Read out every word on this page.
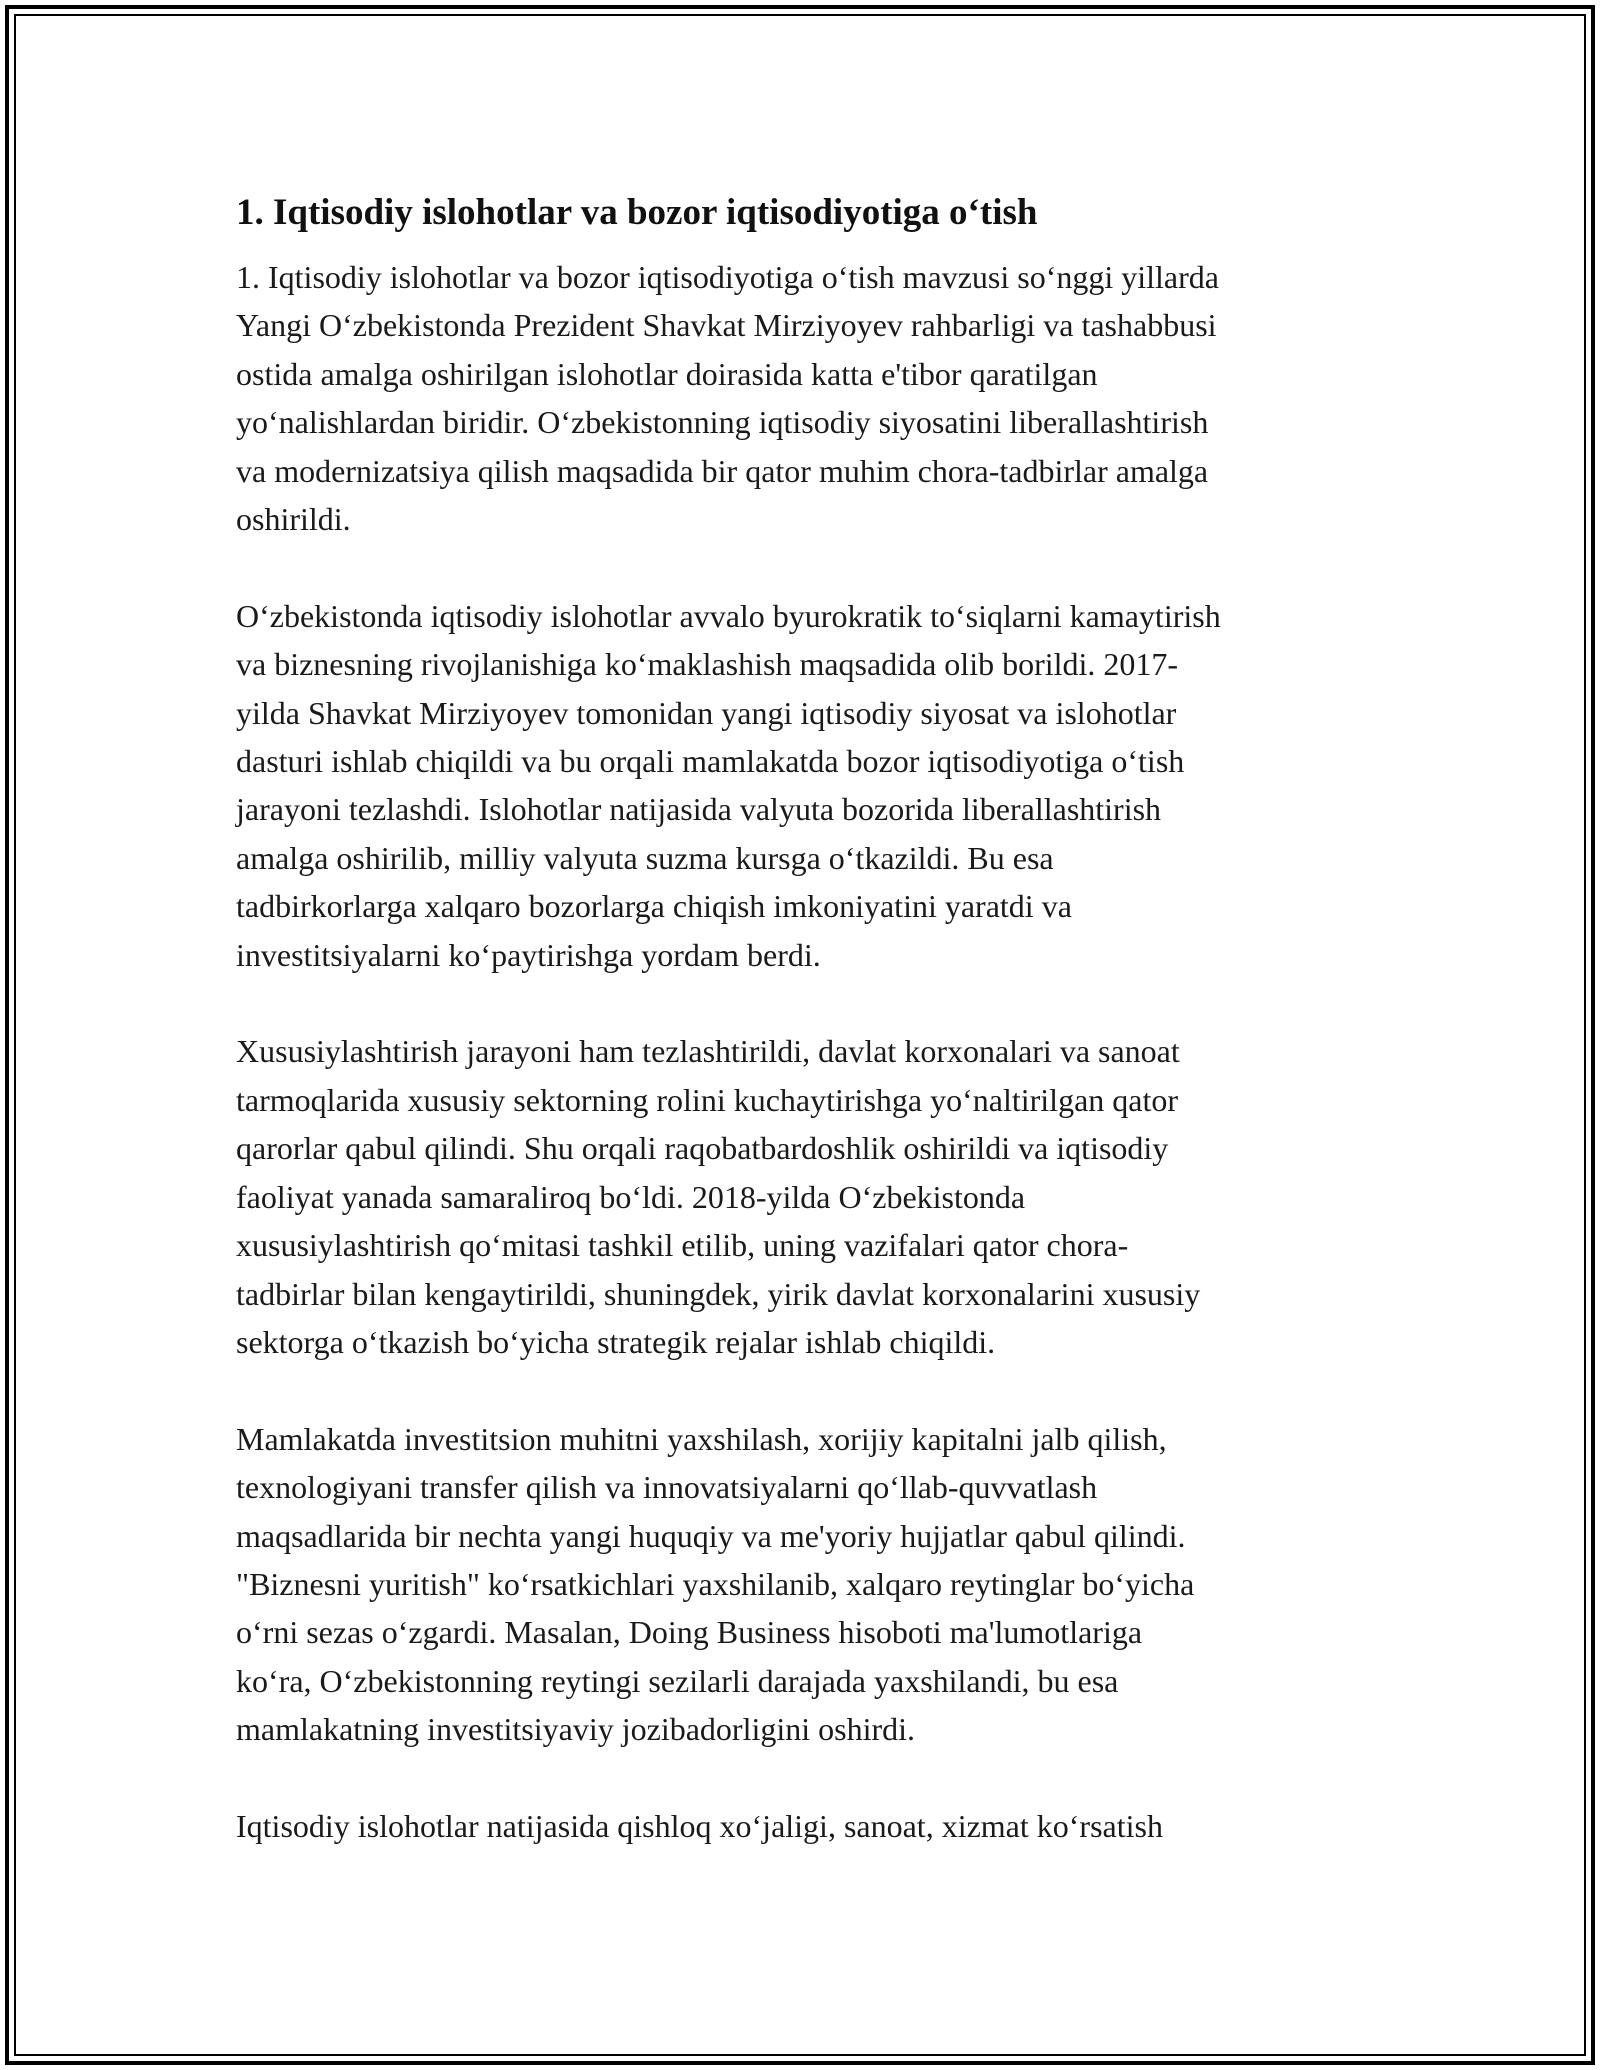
1. Iqtisodiy islohotlar va bozor iqtisodiyotiga o‘tish
1. Iqtisodiy islohotlar va bozor iqtisodiyotiga o‘tish mavzusi so‘nggi yillarda
Yangi O‘zbekistonda Prezident Shavkat Mirziyoyev rahbarligi va tashabbusi
ostida amalga oshirilgan islohotlar doirasida katta e'tibor qaratilgan
yo‘nalishlardan biridir. O‘zbekistonning iqtisodiy siyosatini liberallashtirish
va modernizatsiya qilish maqsadida bir qator muhim chora-tadbirlar amalga
oshirildi.
O‘zbekistonda iqtisodiy islohotlar avvalo byurokratik to‘siqlarni kamaytirish
va biznesning rivojlanishiga ko‘maklashish maqsadida olib borildi. 2017-
yilda Shavkat Mirziyoyev tomonidan yangi iqtisodiy siyosat va islohotlar
dasturi ishlab chiqildi va bu orqali mamlakatda bozor iqtisodiyotiga o‘tish
jarayoni tezlashdi. Islohotlar natijasida valyuta bozorida liberallashtirish
amalga oshirilib, milliy valyuta suzma kursga o‘tkazildi. Bu esa
tadbirkorlarga xalqaro bozorlarga chiqish imkoniyatini yaratdi va
investitsiyalarni ko‘paytirishga yordam berdi.
Xususiylashtirish jarayoni ham tezlashtirildi, davlat korxonalari va sanoat
tarmoqlarida xususiy sektorning rolini kuchaytirishga yo‘naltirilgan qator
qarorlar qabul qilindi. Shu orqali raqobatbardoshlik oshirildi va iqtisodiy
faoliyat yanada samaraliroq bo‘ldi. 2018-yilda O‘zbekistonda
xususiylashtirish qo‘mitasi tashkil etilib, uning vazifalari qator chora-
tadbirlar bilan kengaytirildi, shuningdek, yirik davlat korxonalarini xususiy
sektorga o‘tkazish bo‘yicha strategik rejalar ishlab chiqildi.
Mamlakatda investitsion muhitni yaxshilash, xorijiy kapitalni jalb qilish,
texnologiyani transfer qilish va innovatsiyalarni qo‘llab-quvvatlash
maqsadlarida bir nechta yangi huquqiy va me'yoriy hujjatlar qabul qilindi.
"Biznesni yuritish" ko‘rsatkichlari yaxshilanib, xalqaro reytinglar bo‘yicha
o‘rni sezas o‘zgardi. Masalan, Doing Business hisoboti ma'lumotlariga
ko‘ra, O‘zbekistonning reytingi sezilarli darajada yaxshilandi, bu esa
mamlakatning investitsiyaviy jozibadorligini oshirdi.
Iqtisodiy islohotlar natijasida qishloq xo‘jaligi, sanoat, xizmat ko‘rsatish
